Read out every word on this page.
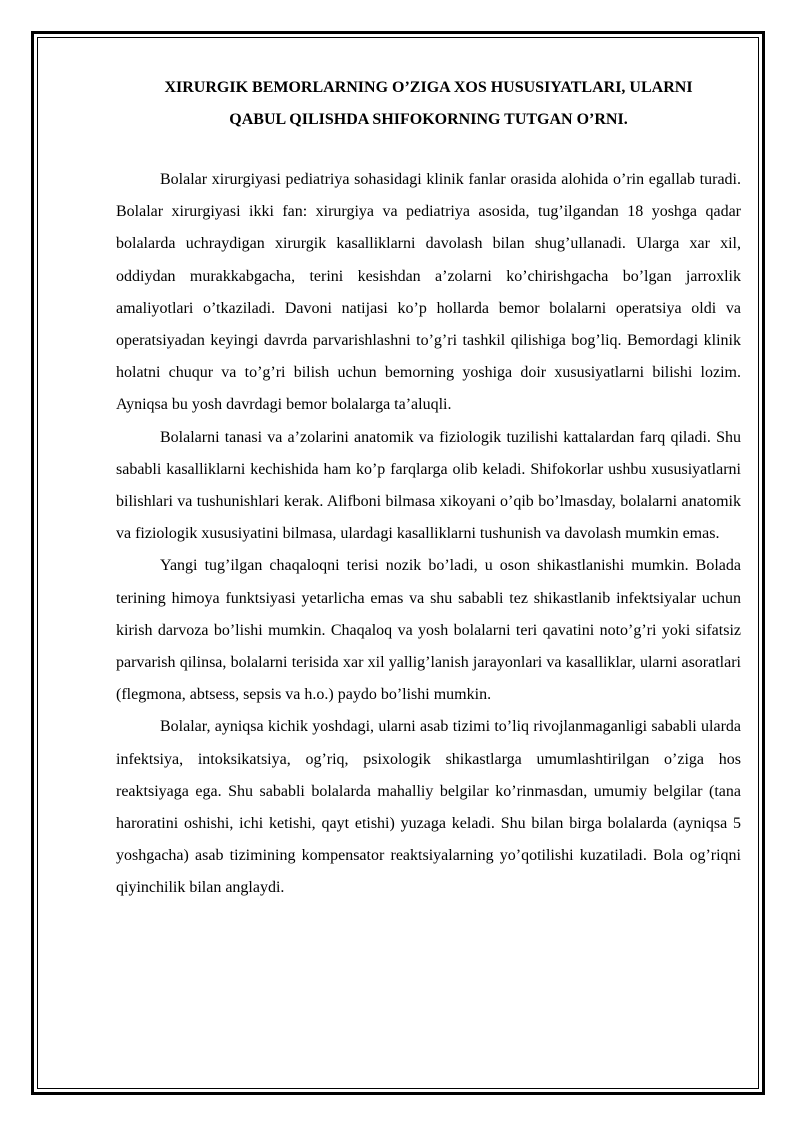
XIRURGIK BEMORLARNING O’ZIGA XOS HUSUSIYATLARI, ULARNI
QABUL QILISHDA SHIFOKORNING TUTGAN O’RNI.

Bolalar xirurgiyasi pediatriya sohasidagi klinik fanlar orasida alohida o’rin egallab turadi. Bolalar xirurgiyasi ikki fan: xirurgiya va pediatriya asosida, tug’ilgandan 18 yoshga qadar bolalarda uchraydigan xirurgik kasalliklarni davolash bilan shug’ullanadi. Ularga xar xil, oddiydan murakkabgacha, terini kesishdan a’zolarni ko’chirishgacha bo’lgan jarroxlik amaliyotlari o’tkaziladi. Davoni natijasi ko’p hollarda bemor bolalarni operatsiya oldi va operatsiyadan keyingi davrda parvarishlashni to’g’ri tashkil qilishiga bog’liq. Bemordagi klinik holatni chuqur va to’g’ri bilish uchun bemorning yoshiga doir xususiyatlarni bilishi lozim. Ayniqsa bu yosh davrdagi bemor bolalarga ta’aluqli.

Bolalarni tanasi va a’zolarini anatomik va fiziologik tuzilishi kattalardan farq qiladi. Shu sababli kasalliklarni kechishida ham ko’p farqlarga olib keladi. Shifokorlar ushbu xususiyatlarni bilishlari va tushunishlari kerak. Alifboni bilmasa xikoyani o’qib bo’lmasday, bolalarni anatomik va fiziologik xususiyatini bilmasa, ulardagi kasalliklarni tushunish va davolash mumkin emas.

Yangi tug’ilgan chaqaloqni terisi nozik bo’ladi, u oson shikastlanishi mumkin. Bolada terining himoya funktsiyasi yetarlicha emas va shu sababli tez shikastlanib infektsiyalar uchun kirish darvoza bo’lishi mumkin. Chaqaloq va yosh bolalarni teri qavatini noto’g’ri yoki sifatsiz parvarish qilinsa, bolalarni terisida xar xil yallig’lanish jarayonlari va kasalliklar, ularni asoratlari (flegmona, abtsess, sepsis va h.o.) paydo bo’lishi mumkin.

Bolalar, ayniqsa kichik yoshdagi, ularni asab tizimi to’liq rivojlanmaganligi sababli ularda infektsiya, intoksikatsiya, og’riq, psixologik shikastlarga umumlashtirilgan o’ziga hos reaktsiyaga ega. Shu sababli bolalarda mahalliy belgilar ko’rinmasdan, umumiy belgilar (tana haroratini oshishi, ichi ketishi, qayt etishi) yuzaga keladi. Shu bilan birga bolalarda (ayniqsa 5 yoshgacha) asab tizimining kompensator reaktsiyalarning yo’qotilishi kuzatiladi. Bola og’riqni qiyinchilik bilan anglaydi.
